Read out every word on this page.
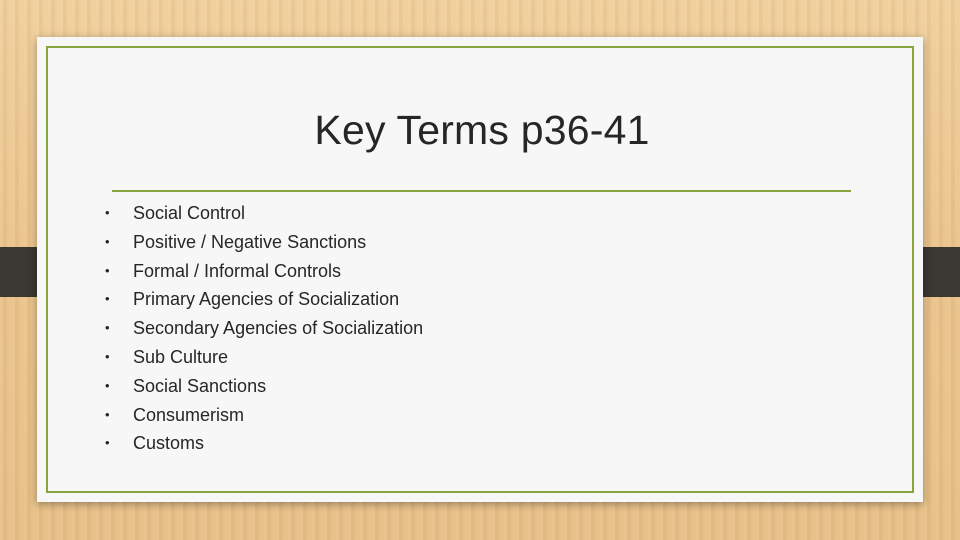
Key Terms p36-41
• Social Control
• Positive / Negative Sanctions
• Formal / Informal Controls
• Primary Agencies of Socialization
• Secondary Agencies of Socialization
• Sub Culture
• Social Sanctions
• Consumerism
• Customs
